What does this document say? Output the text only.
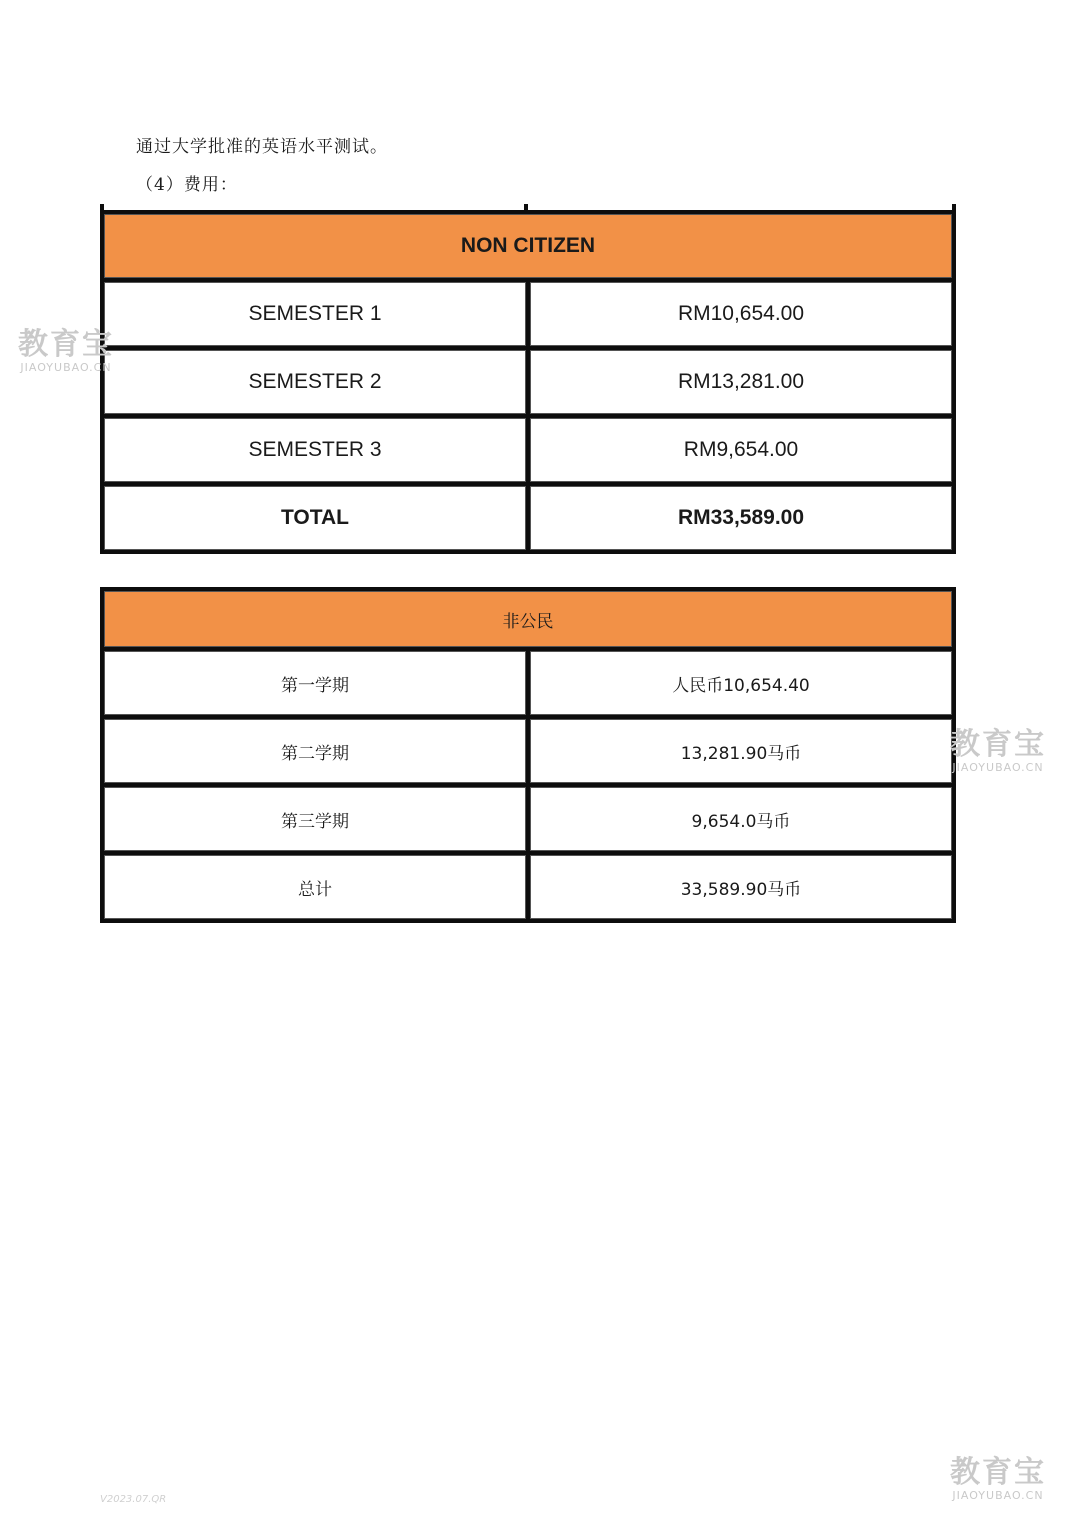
通过大学批准的英语水平测试。
（4）费用：
NON CITIZEN	
SEMESTER 1	RM10,654.00
SEMESTER 2	RM13,281.00
SEMESTER 3	RM9,654.00
TOTAL	RM33,589.00
非公民	
第一学期	人民币10,654.40
第二学期	13,281.90马币
第三学期	9,654.0马币
总计	33,589.90马币
教育宝
JIAOYUBAO.CN
教育宝
JIAOYUBAO.CN
教育宝
JIAOYUBAO.CN
V2023.07.QR
